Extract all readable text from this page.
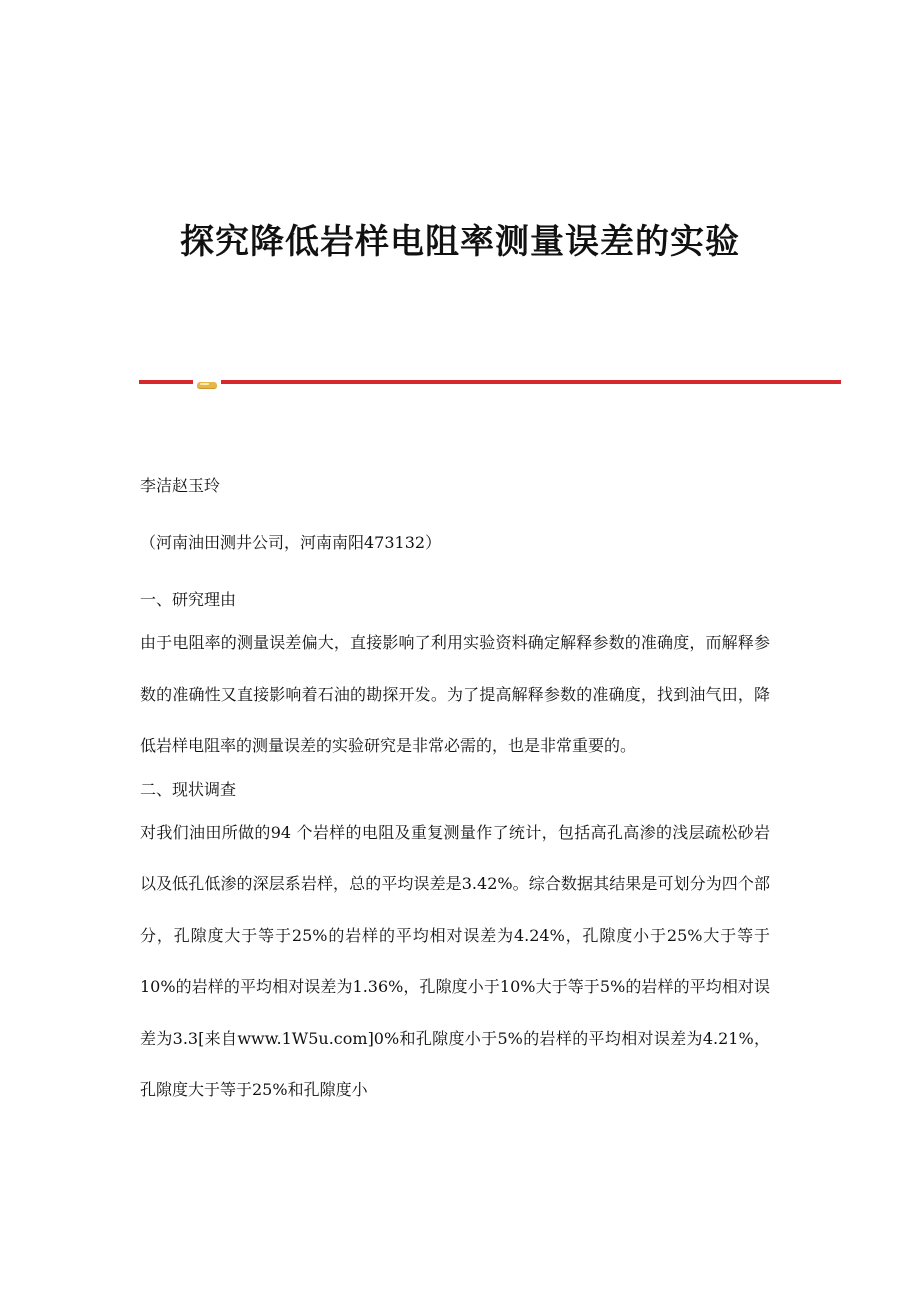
探究降低岩样电阻率测量误差的实验

李洁赵玉玲

（河南油田测井公司，河南南阳473132）

一、研究理由

由于电阻率的测量误差偏大，直接影响了利用实验资料确定解释参数的准确度，而解释参数的准确性又直接影响着石油的勘探开发。为了提高解释参数的准确度，找到油气田，降低岩样电阻率的测量误差的实验研究是非常必需的，也是非常重要的。

二、现状调查

对我们油田所做的94 个岩样的电阻及重复测量作了统计，包括高孔高渗的浅层疏松砂岩以及低孔低渗的深层系岩样，总的平均误差是3.42%。综合数据其结果是可划分为四个部分，孔隙度大于等于25%的岩样的平均相对误差为4.24%，孔隙度小于25%大于等于10%的岩样的平均相对误差为1.36%，孔隙度小于10%大于等于5%的岩样的平均相对误差为3.3[来自www.1W5u.com]0%和孔隙度小于5%的岩样的平均相对误差为4.21%，孔隙度大于等于25%和孔隙度小
